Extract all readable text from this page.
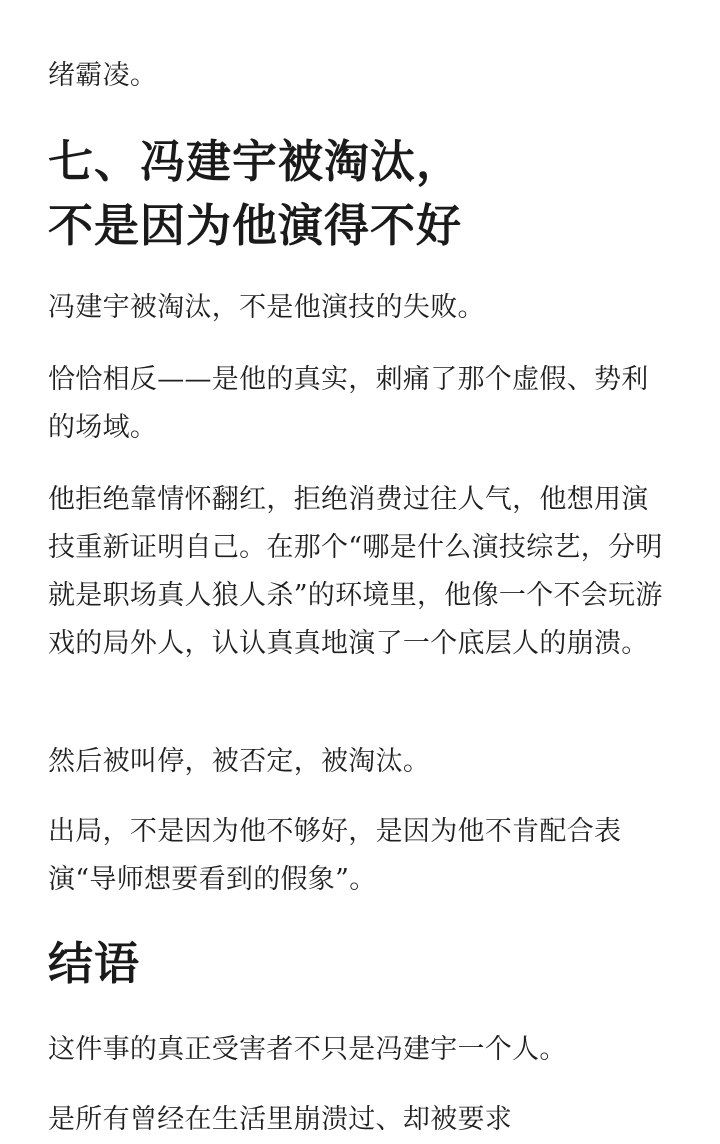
绪霸凌。

七、冯建宇被淘汰，
不是因为他演得不好

冯建宇被淘汰，不是他演技的失败。

恰恰相反——是他的真实，刺痛了那个虚假、势利的场域。

他拒绝靠情怀翻红，拒绝消费过往人气，他想用演技重新证明自己。在那个“哪是什么演技综艺，分明就是职场真人狼人杀”的环境里，他像一个不会玩游戏的局外人，认认真真地演了一个底层人的崩溃。

然后被叫停，被否定，被淘汰。

出局，不是因为他不够好，是因为他不肯配合表演“导师想要看到的假象”。

结语

这件事的真正受害者不只是冯建宇一个人。

是所有曾经在生活里崩溃过、却被要求
